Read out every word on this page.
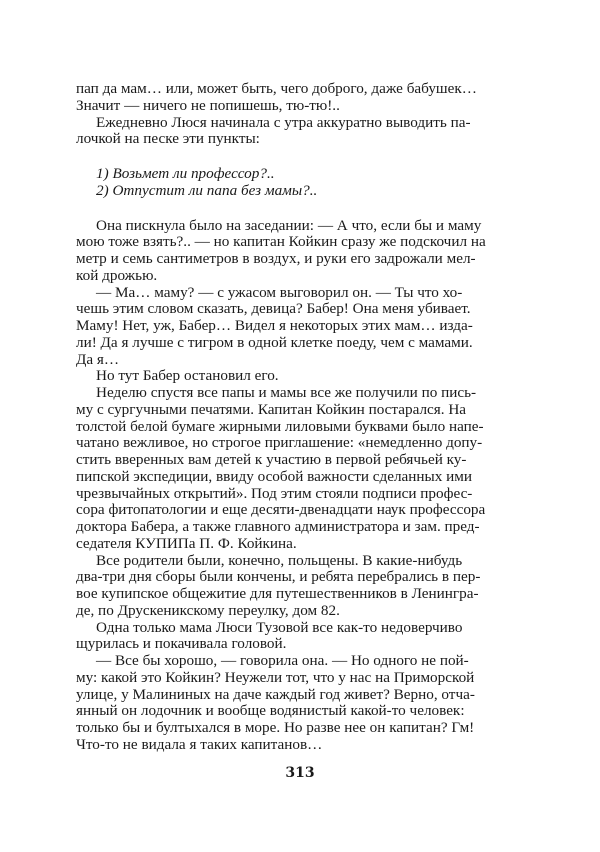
пап да мам… или, может быть, чего доброго, даже бабушек…
Значит — ничего не попишешь, тю-тю!..
Ежедневно Люся начинала с утра аккуратно выводить па-
лочкой на песке эти пункты:
1) Возьмет ли профессор?..
2) Отпустит ли папа без мамы?..
Она пискнула было на заседании: — А что, если бы и маму
мою тоже взять?.. — но капитан Койкин сразу же подскочил на
метр и семь сантиметров в воздух, и руки его задрожали мел-
кой дрожью.
— Ма… маму? — с ужасом выговорил он. — Ты что хо-
чешь этим словом сказать, девица? Бабер! Она меня убивает.
Маму! Нет, уж, Бабер… Видел я некоторых этих мам… изда-
ли! Да я лучше с тигром в одной клетке поеду, чем с мамами.
Да я…
Но тут Бабер остановил его.
Неделю спустя все папы и мамы все же получили по пись-
му с сургучными печатями. Капитан Койкин постарался. На
толстой белой бумаге жирными лиловыми буквами было напе-
чатано вежливое, но строгое приглашение: «немедленно допу-
стить вверенных вам детей к участию в первой ребячьей ку-
пипской экспедиции, ввиду особой важности сделанных ими
чрезвычайных открытий». Под этим стояли подписи профес-
сора фитопатологии и еще десяти-двенадцати наук профессора
доктора Бабера, а также главного администратора и зам. пред-
седателя КУПИПа П. Ф. Койкина.
Все родители были, конечно, польщены. В какие-нибудь
два-три дня сборы были кончены, и ребята перебрались в пер-
вое купипское общежитие для путешественников в Ленингра-
де, по Друскеникскому переулку, дом 82.
Одна только мама Люси Тузовой все как-то недоверчиво
щурилась и покачивала головой.
— Все бы хорошо, — говорила она. — Но одного не пой-
му: какой это Койкин? Неужели тот, что у нас на Приморской
улице, у Малининых на даче каждый год живет? Верно, отча-
янный он лодочник и вообще водянистый какой-то человек:
только бы и бултыхался в море. Но разве нее он капитан? Гм!
Что-то не видала я таких капитанов…
313
